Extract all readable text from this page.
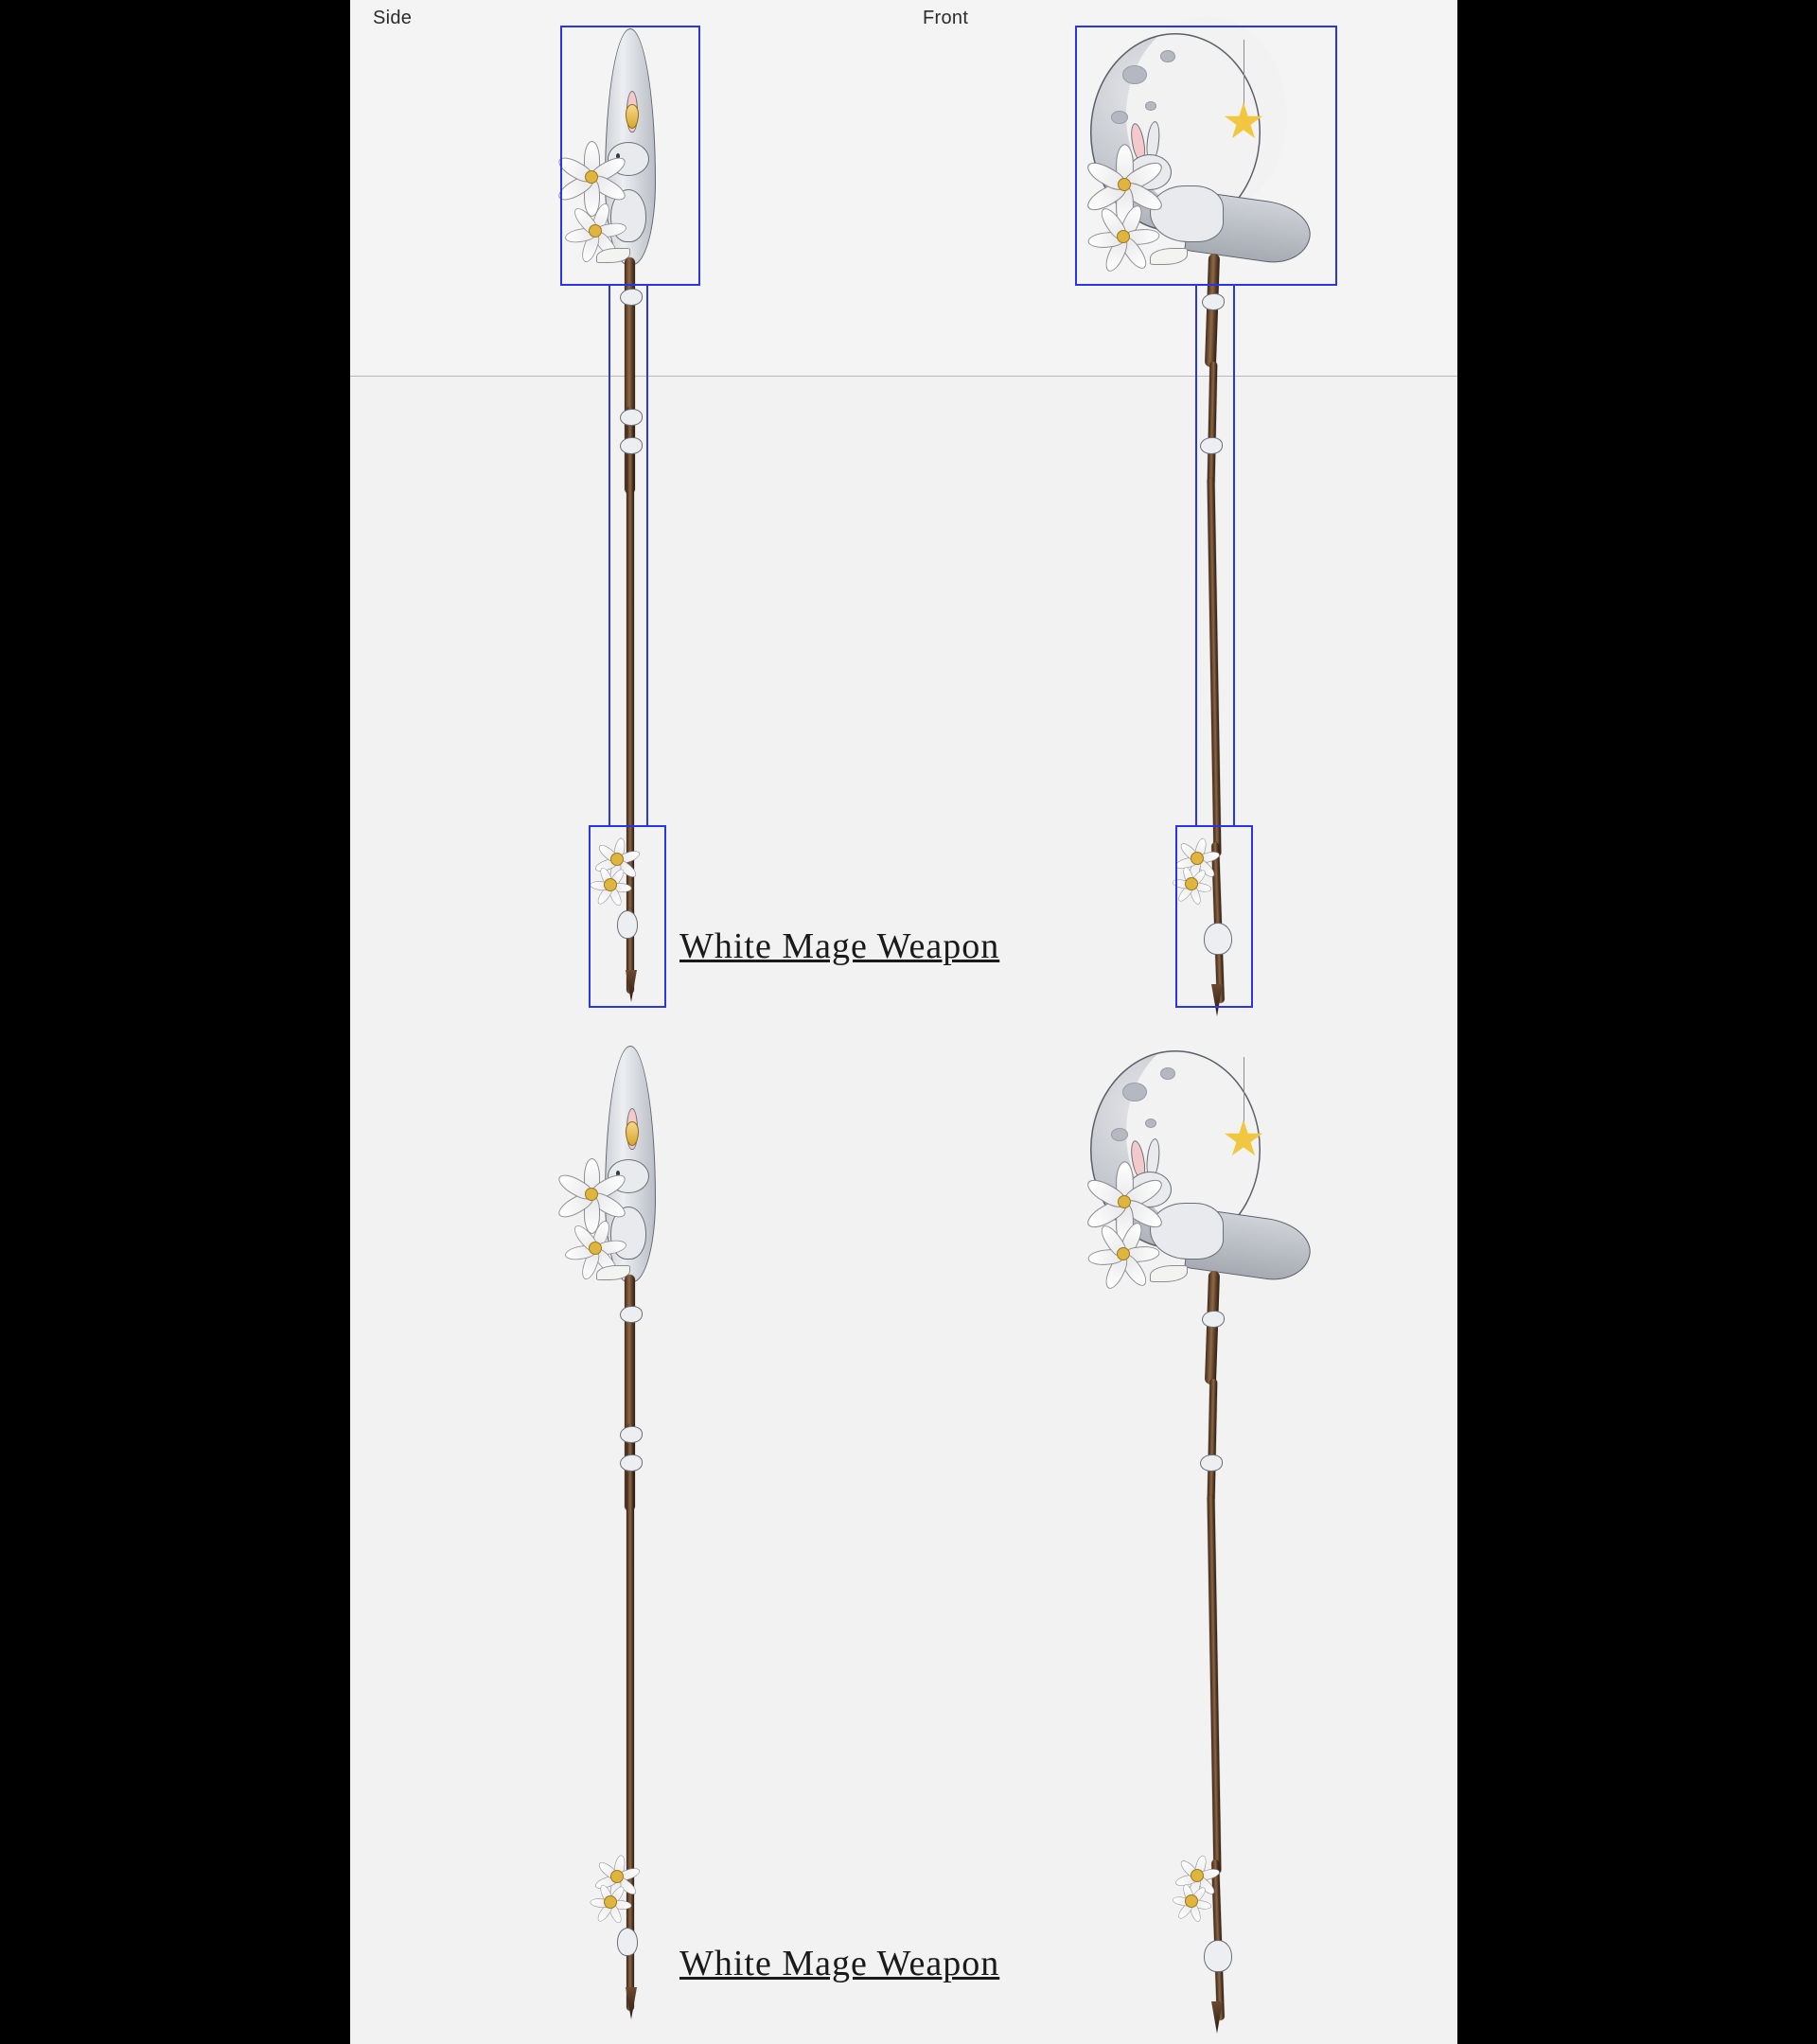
Side	Front
White Mage Weapon
White Mage Weapon
